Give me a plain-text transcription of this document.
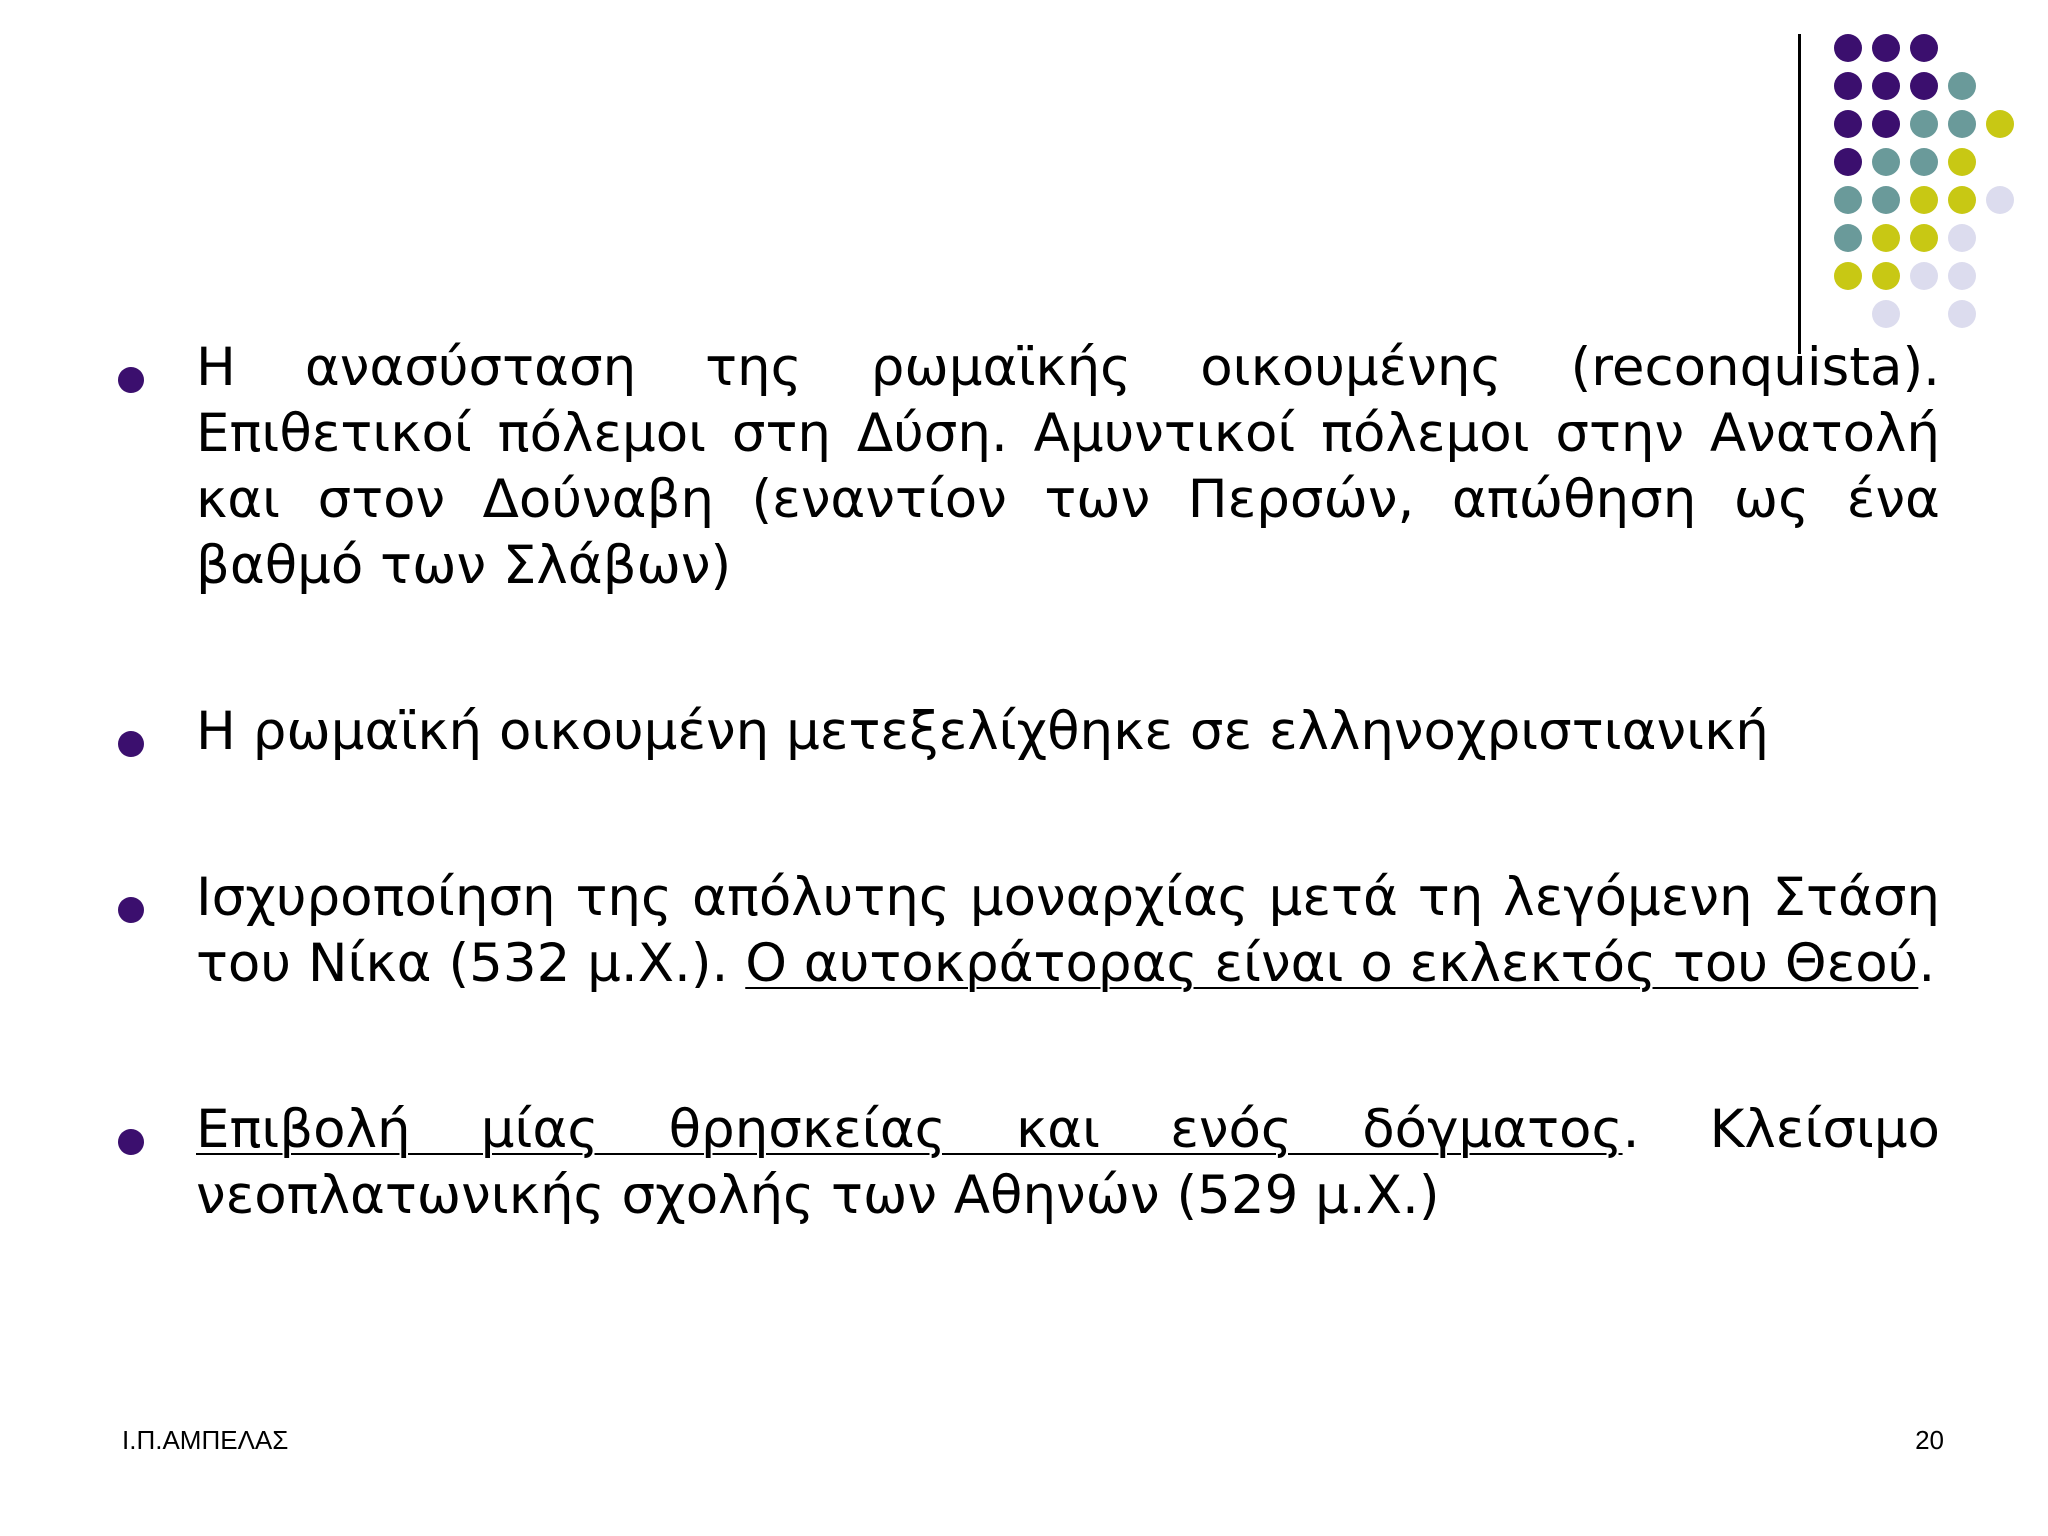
Η ανασύσταση της ρωμαϊκής οικουμένης (reconquista). Επιθετικοί πόλεμοι στη Δύση. Αμυντικοί πόλεμοι στην Ανατολή και στον Δούναβη (εναντίον των Περσών, απώθηση ως ένα βαθμό των Σλάβων)
Η ρωμαϊκή οικουμένη μετεξελίχθηκε σε ελληνοχριστιανική
Ισχυροποίηση της απόλυτης μοναρχίας μετά τη λεγόμενη Στάση του Νίκα (532 μ.Χ.). Ο αυτοκράτορας είναι ο εκλεκτός του Θεού.
Επιβολή μίας θρησκείας και ενός δόγματος. Κλείσιμο νεοπλατωνικής σχολής των Αθηνών (529 μ.Χ.)
Ι.Π.ΑΜΠΕΛΑΣ	20
